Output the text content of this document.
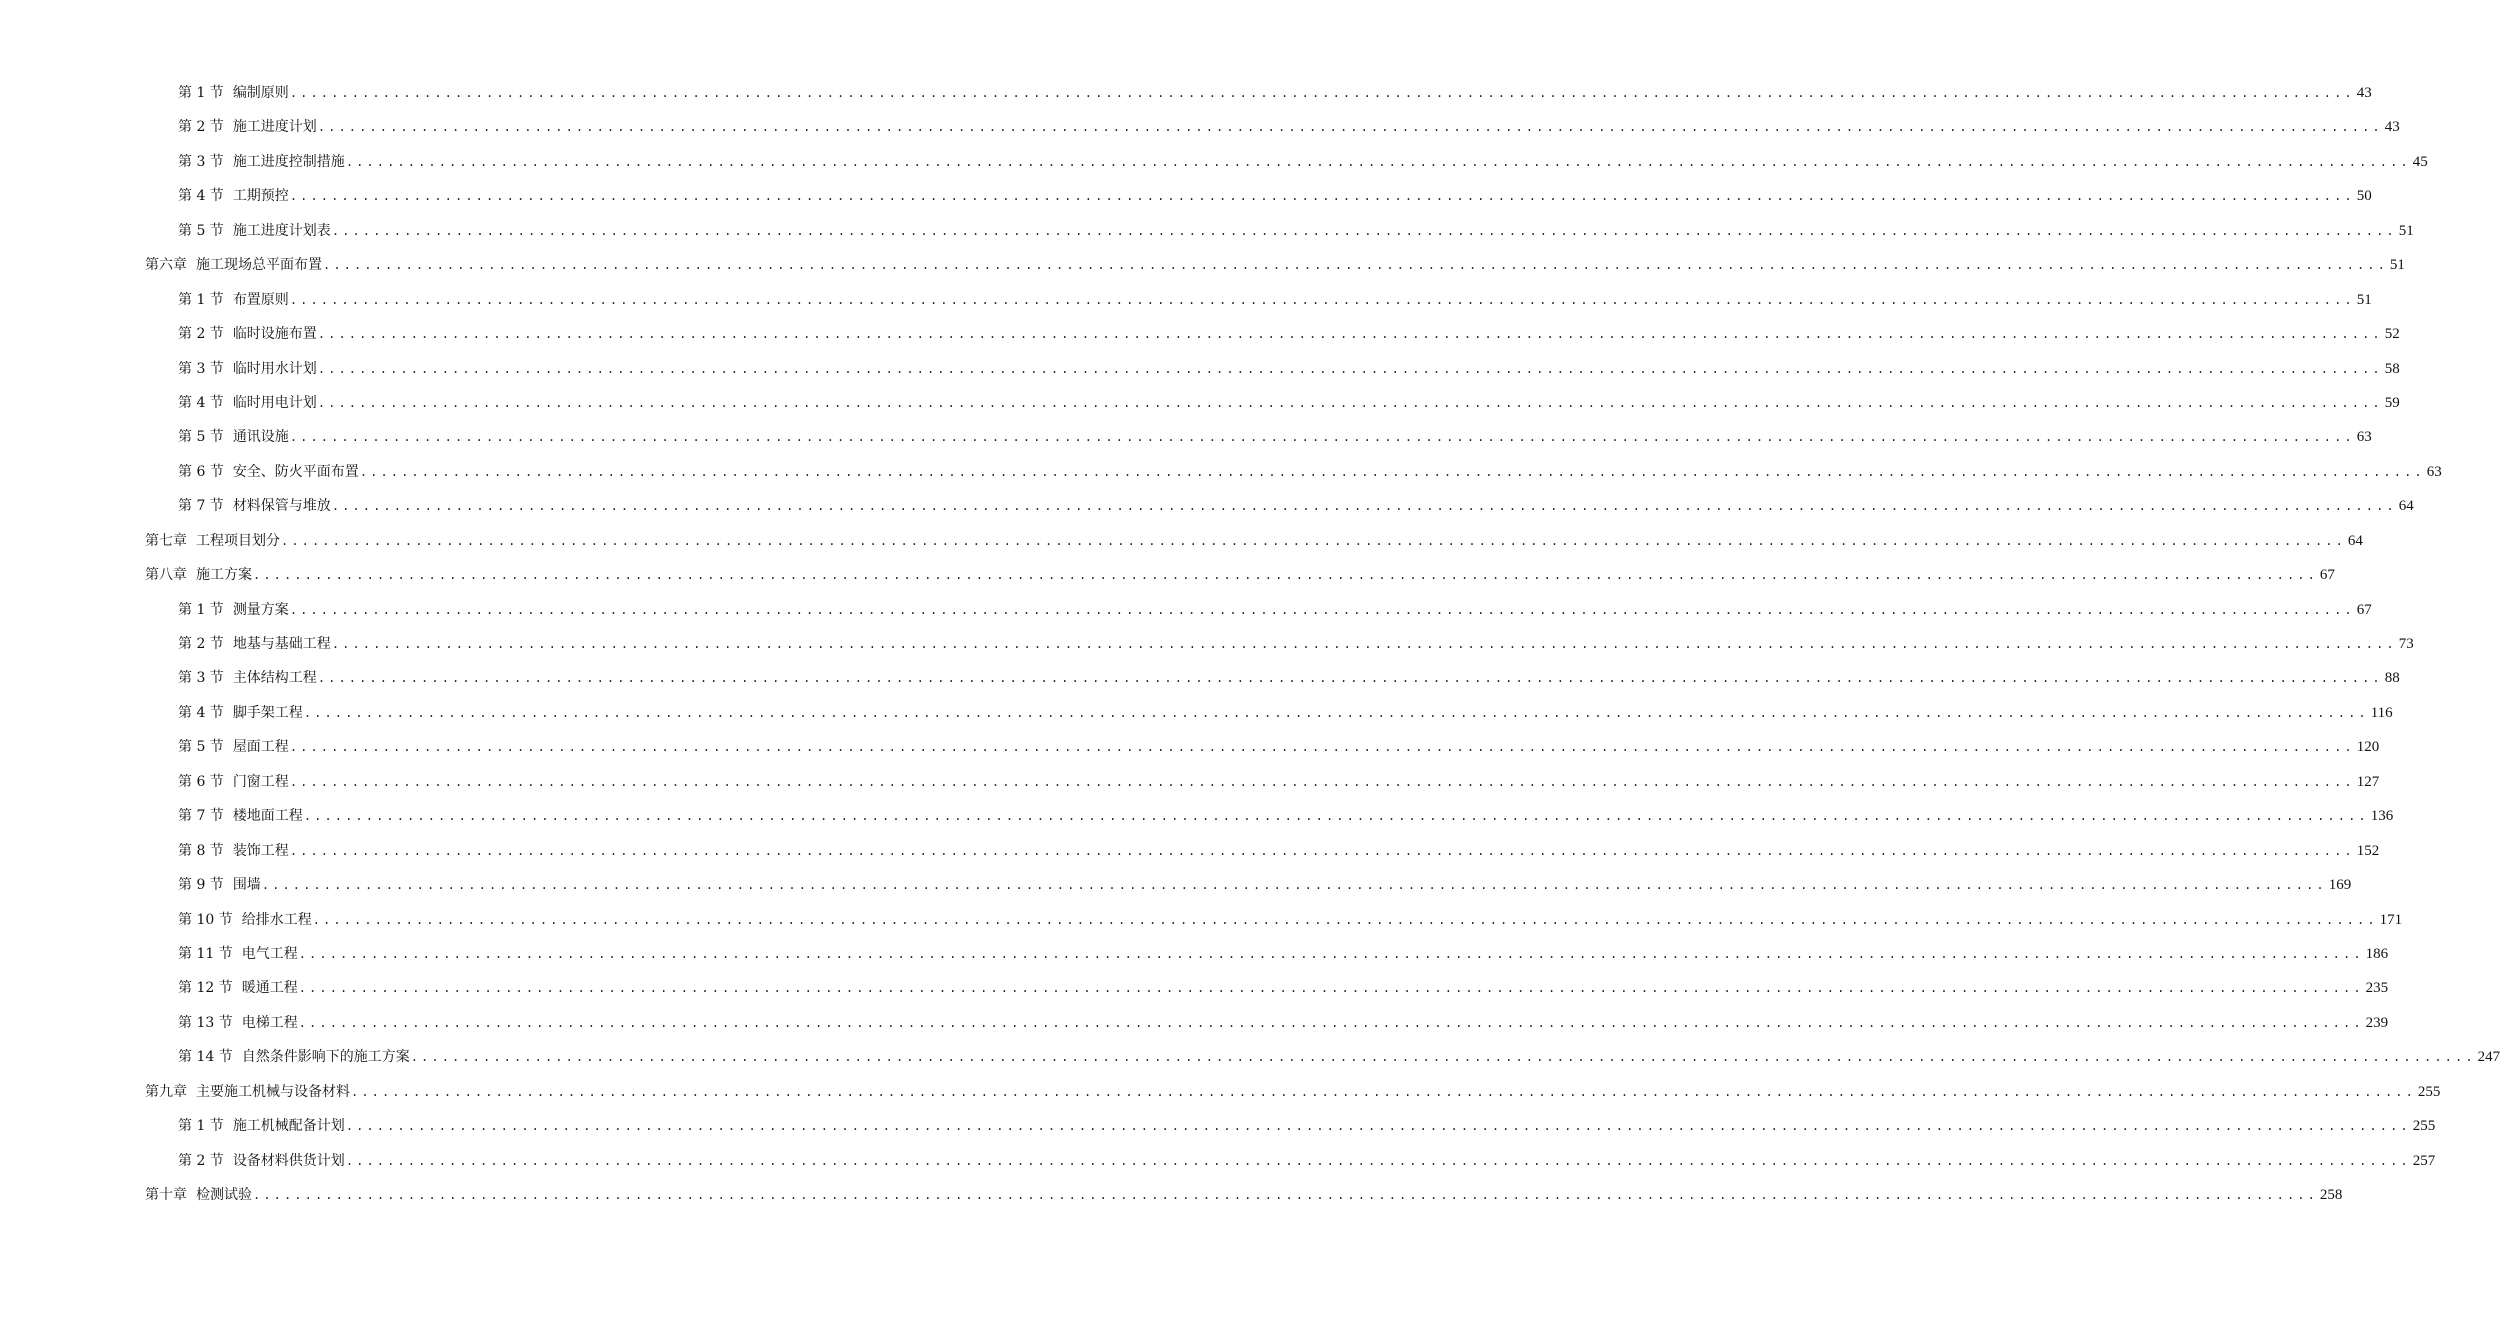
第 1 节 编制原则 ........................................................................................................................................................................................................ 43
第 2 节 施工进度计划 ........................................................................................................................................................................................................ 43
第 3 节 施工进度控制措施 ........................................................................................................................................................................................................ 45
第 4 节 工期预控 ........................................................................................................................................................................................................ 50
第 5 节 施工进度计划表 ........................................................................................................................................................................................................ 51
第六章 施工现场总平面布置 ........................................................................................................................................................................................................ 51
第 1 节 布置原则 ........................................................................................................................................................................................................ 51
第 2 节 临时设施布置 ........................................................................................................................................................................................................ 52
第 3 节 临时用水计划 ........................................................................................................................................................................................................ 58
第 4 节 临时用电计划 ........................................................................................................................................................................................................ 59
第 5 节 通讯设施 ........................................................................................................................................................................................................ 63
第 6 节 安全、防火平面布置 ........................................................................................................................................................................................................ 63
第 7 节 材料保管与堆放 ........................................................................................................................................................................................................ 64
第七章 工程项目划分 ........................................................................................................................................................................................................ 64
第八章 施工方案 ........................................................................................................................................................................................................ 67
第 1 节 测量方案 ........................................................................................................................................................................................................ 67
第 2 节 地基与基础工程 ........................................................................................................................................................................................................ 73
第 3 节 主体结构工程 ........................................................................................................................................................................................................ 88
第 4 节 脚手架工程 ........................................................................................................................................................................................................ 116
第 5 节 屋面工程 ........................................................................................................................................................................................................ 120
第 6 节 门窗工程 ........................................................................................................................................................................................................ 127
第 7 节 楼地面工程 ........................................................................................................................................................................................................ 136
第 8 节 装饰工程 ........................................................................................................................................................................................................ 152
第 9 节 围墙 ........................................................................................................................................................................................................ 169
第 10 节 给排水工程 ........................................................................................................................................................................................................ 171
第 11 节 电气工程 ........................................................................................................................................................................................................ 186
第 12 节 暖通工程 ........................................................................................................................................................................................................ 235
第 13 节 电梯工程 ........................................................................................................................................................................................................ 239
第 14 节 自然条件影响下的施工方案 ........................................................................................................................................................................................................ 247
第九章 主要施工机械与设备材料 ........................................................................................................................................................................................................ 255
第 1 节 施工机械配备计划 ........................................................................................................................................................................................................ 255
第 2 节 设备材料供货计划 ........................................................................................................................................................................................................ 257
第十章 检测试验 ........................................................................................................................................................................................................ 258
